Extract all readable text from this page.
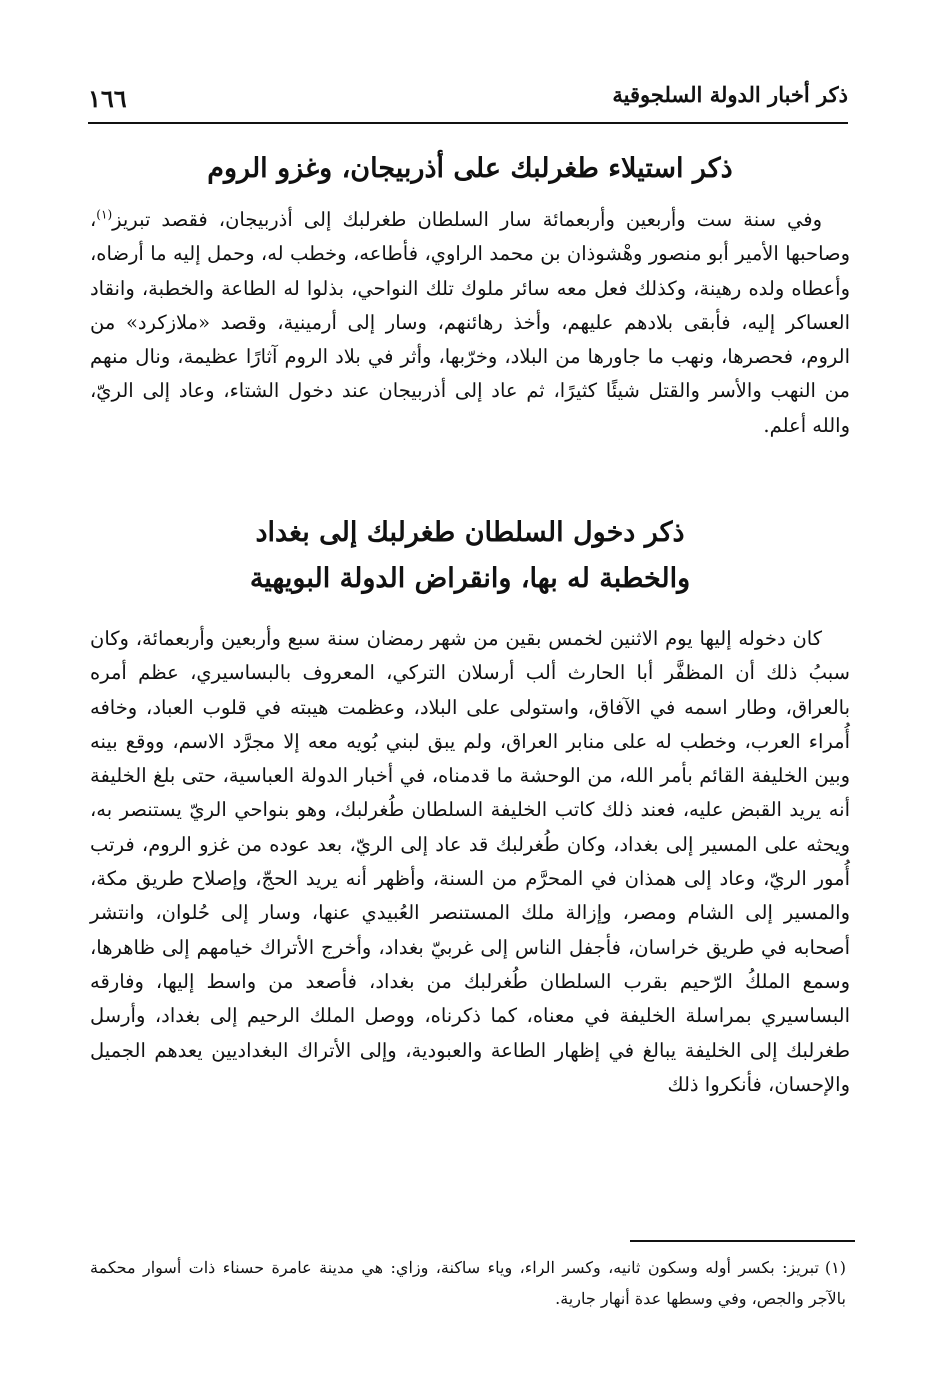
ذكر أخبار الدولة السلجوقية
١٦٦
ذكر استيلاء طغرلبك على أذربيجان، وغزو الروم

وفي سنة ست وأربعين وأربعمائة سار السلطان طغرلبك إلى أذربيجان، فقصد تبريز$^{(١)}$، وصاحبها الأمير أبو منصور وهْشوذان بن محمد الراوي، فأطاعه، وخطب له، وحمل إليه ما أرضاه، وأعطاه ولده رهينة، وكذلك فعل معه سائر ملوك تلك النواحي، بذلوا له الطاعة والخطبة، وانقاد العساكر إليه، فأبقى بلادهم عليهم، وأخذ رهائنهم، وسار إلى أرمينية، وقصد «ملازكرد» من الروم، فحصرها، ونهب ما جاورها من البلاد، وخرّبها، وأثر في بلاد الروم آثارًا عظيمة، ونال منهم من النهب والأسر والقتل شيئًا كثيرًا، ثم عاد إلى أذربيجان عند دخول الشتاء، وعاد إلى الريّ، والله أعلم.

ذكر دخول السلطان طغرلبك إلى بغداد
والخطبة له بها، وانقراض الدولة البويهية

كان دخوله إليها يوم الاثنين لخمس بقين من شهر رمضان سنة سبع وأربعين وأربعمائة، وكان سببُ ذلك أن المظفَّر أبا الحارث ألب أرسلان التركي، المعروف بالبساسيري، عظم أمره بالعراق، وطار اسمه في الآفاق، واستولى على البلاد، وعظمت هيبته في قلوب العباد، وخافه أُمراء العرب، وخطب له على منابر العراق، ولم يبق لبني بُويه معه إلا مجرَّد الاسم، ووقع بينه وبين الخليفة القائم بأمر الله، من الوحشة ما قدمناه، في أخبار الدولة العباسية، حتى بلغ الخليفة أنه يريد القبض عليه، فعند ذلك كاتب الخليفة السلطان طُغرلبك، وهو بنواحي الريّ يستنصر به، ويحثه على المسير إلى بغداد، وكان طُغرلبك قد عاد إلى الريّ، بعد عوده من غزو الروم، فرتب أُمور الريّ، وعاد إلى همذان في المحرَّم من السنة، وأظهر أنه يريد الحجّ، وإصلاح طريق مكة، والمسير إلى الشام ومصر، وإزالة ملك المستنصر العُبيدي عنها، وسار إلى حُلوان، وانتشر أصحابه في طريق خراسان، فأجفل الناس إلى غربيّ بغداد، وأخرج الأتراك خيامهم إلى ظاهرها، وسمع الملكُ الرّحيم بقرب السلطان طُغرلبك من بغداد، فأصعد من واسط إليها، وفارقه البساسيري بمراسلة الخليفة في معناه، كما ذكرناه، ووصل الملك الرحيم إلى بغداد، وأرسل طغرلبك إلى الخليفة يبالغ في إظهار الطاعة والعبودية، وإلى الأتراك البغداديين يعدهم الجميل والإحسان، فأنكروا ذلك

(١)تبريز: بكسر أوله وسكون ثانيه، وكسر الراء، وياء ساكنة، وزاي: هي مدينة عامرة حسناء ذات أسوار محكمة بالآجر والجص، وفي وسطها عدة أنهار جارية.
